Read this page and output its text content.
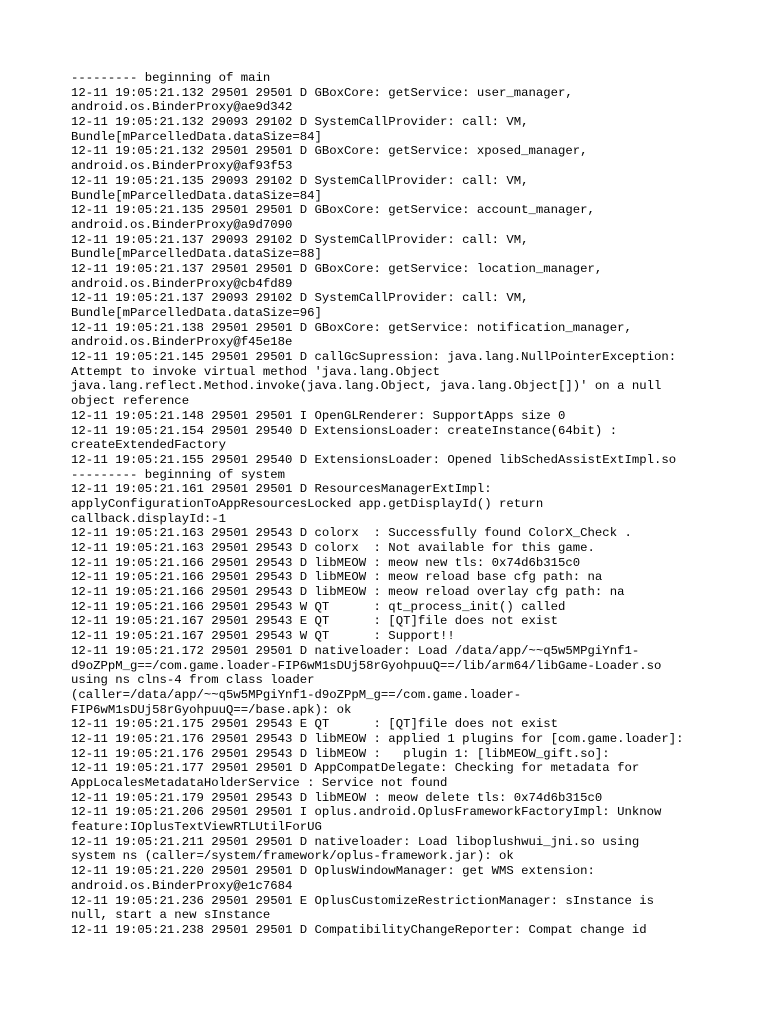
--------- beginning of main
12-11 19:05:21.132 29501 29501 D GBoxCore: getService: user_manager,
android.os.BinderProxy@ae9d342
12-11 19:05:21.132 29093 29102 D SystemCallProvider: call: VM,
Bundle[mParcelledData.dataSize=84]
12-11 19:05:21.132 29501 29501 D GBoxCore: getService: xposed_manager,
android.os.BinderProxy@af93f53
12-11 19:05:21.135 29093 29102 D SystemCallProvider: call: VM,
Bundle[mParcelledData.dataSize=84]
12-11 19:05:21.135 29501 29501 D GBoxCore: getService: account_manager,
android.os.BinderProxy@a9d7090
12-11 19:05:21.137 29093 29102 D SystemCallProvider: call: VM,
Bundle[mParcelledData.dataSize=88]
12-11 19:05:21.137 29501 29501 D GBoxCore: getService: location_manager,
android.os.BinderProxy@cb4fd89
12-11 19:05:21.137 29093 29102 D SystemCallProvider: call: VM,
Bundle[mParcelledData.dataSize=96]
12-11 19:05:21.138 29501 29501 D GBoxCore: getService: notification_manager,
android.os.BinderProxy@f45e18e
12-11 19:05:21.145 29501 29501 D callGcSupression: java.lang.NullPointerException:
Attempt to invoke virtual method 'java.lang.Object
java.lang.reflect.Method.invoke(java.lang.Object, java.lang.Object[])' on a null
object reference
12-11 19:05:21.148 29501 29501 I OpenGLRenderer: SupportApps size 0
12-11 19:05:21.154 29501 29540 D ExtensionsLoader: createInstance(64bit) :
createExtendedFactory
12-11 19:05:21.155 29501 29540 D ExtensionsLoader: Opened libSchedAssistExtImpl.so
--------- beginning of system
12-11 19:05:21.161 29501 29501 D ResourcesManagerExtImpl:
applyConfigurationToAppResourcesLocked app.getDisplayId() return
callback.displayId:-1
12-11 19:05:21.163 29501 29543 D colorx  : Successfully found ColorX_Check .
12-11 19:05:21.163 29501 29543 D colorx  : Not available for this game.
12-11 19:05:21.166 29501 29543 D libMEOW : meow new tls: 0x74d6b315c0
12-11 19:05:21.166 29501 29543 D libMEOW : meow reload base cfg path: na
12-11 19:05:21.166 29501 29543 D libMEOW : meow reload overlay cfg path: na
12-11 19:05:21.166 29501 29543 W QT      : qt_process_init() called
12-11 19:05:21.167 29501 29543 E QT      : [QT]file does not exist
12-11 19:05:21.167 29501 29543 W QT      : Support!!
12-11 19:05:21.172 29501 29501 D nativeloader: Load /data/app/~~q5w5MPgiYnf1-
d9oZPpM_g==/com.game.loader-FIP6wM1sDUj58rGyohpuuQ==/lib/arm64/libGame-Loader.so
using ns clns-4 from class loader
(caller=/data/app/~~q5w5MPgiYnf1-d9oZPpM_g==/com.game.loader-
FIP6wM1sDUj58rGyohpuuQ==/base.apk): ok
12-11 19:05:21.175 29501 29543 E QT      : [QT]file does not exist
12-11 19:05:21.176 29501 29543 D libMEOW : applied 1 plugins for [com.game.loader]:
12-11 19:05:21.176 29501 29543 D libMEOW :   plugin 1: [libMEOW_gift.so]:
12-11 19:05:21.177 29501 29501 D AppCompatDelegate: Checking for metadata for
AppLocalesMetadataHolderService : Service not found
12-11 19:05:21.179 29501 29543 D libMEOW : meow delete tls: 0x74d6b315c0
12-11 19:05:21.206 29501 29501 I oplus.android.OplusFrameworkFactoryImpl: Unknow
feature:IOplusTextViewRTLUtilForUG
12-11 19:05:21.211 29501 29501 D nativeloader: Load liboplushwui_jni.so using
system ns (caller=/system/framework/oplus-framework.jar): ok
12-11 19:05:21.220 29501 29501 D OplusWindowManager: get WMS extension:
android.os.BinderProxy@e1c7684
12-11 19:05:21.236 29501 29501 E OplusCustomizeRestrictionManager: sInstance is
null, start a new sInstance
12-11 19:05:21.238 29501 29501 D CompatibilityChangeReporter: Compat change id
